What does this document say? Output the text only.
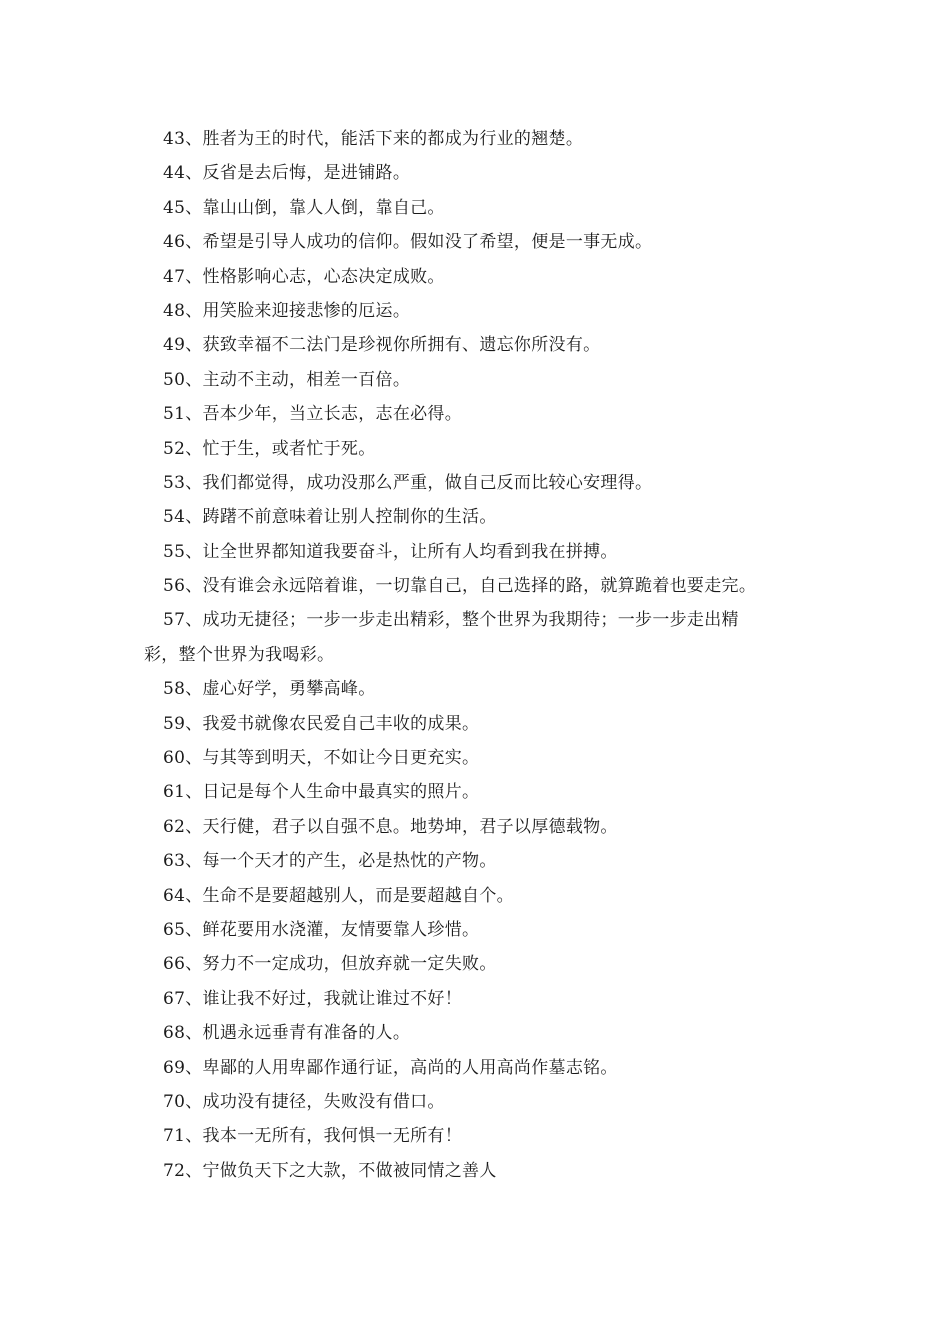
43、胜者为王的时代，能活下来的都成为行业的翘楚。
44、反省是去后悔，是进铺路。
45、靠山山倒，靠人人倒，靠自己。
46、希望是引导人成功的信仰。假如没了希望，便是一事无成。
47、性格影响心志，心态决定成败。
48、用笑脸来迎接悲惨的厄运。
49、获致幸福不二法门是珍视你所拥有、遗忘你所没有。
50、主动不主动，相差一百倍。
51、吾本少年，当立长志，志在必得。
52、忙于生，或者忙于死。
53、我们都觉得，成功没那么严重，做自己反而比较心安理得。
54、踌躇不前意味着让别人控制你的生活。
55、让全世界都知道我要奋斗，让所有人均看到我在拼搏。
56、没有谁会永远陪着谁，一切靠自己，自己选择的路，就算跪着也要走完。
57、成功无捷径；一步一步走出精彩，整个世界为我期待；一步一步走出精
彩，整个世界为我喝彩。
58、虚心好学，勇攀高峰。
59、我爱书就像农民爱自己丰收的成果。
60、与其等到明天，不如让今日更充实。
61、日记是每个人生命中最真实的照片。
62、天行健，君子以自强不息。地势坤，君子以厚德载物。
63、每一个天才的产生，必是热忱的产物。
64、生命不是要超越别人，而是要超越自个。
65、鲜花要用水浇灌，友情要靠人珍惜。
66、努力不一定成功，但放弃就一定失败。
67、谁让我不好过，我就让谁过不好！
68、机遇永远垂青有准备的人。
69、卑鄙的人用卑鄙作通行证，高尚的人用高尚作墓志铭。
70、成功没有捷径，失败没有借口。
71、我本一无所有，我何惧一无所有！
72、宁做负天下之大款，不做被同情之善人
